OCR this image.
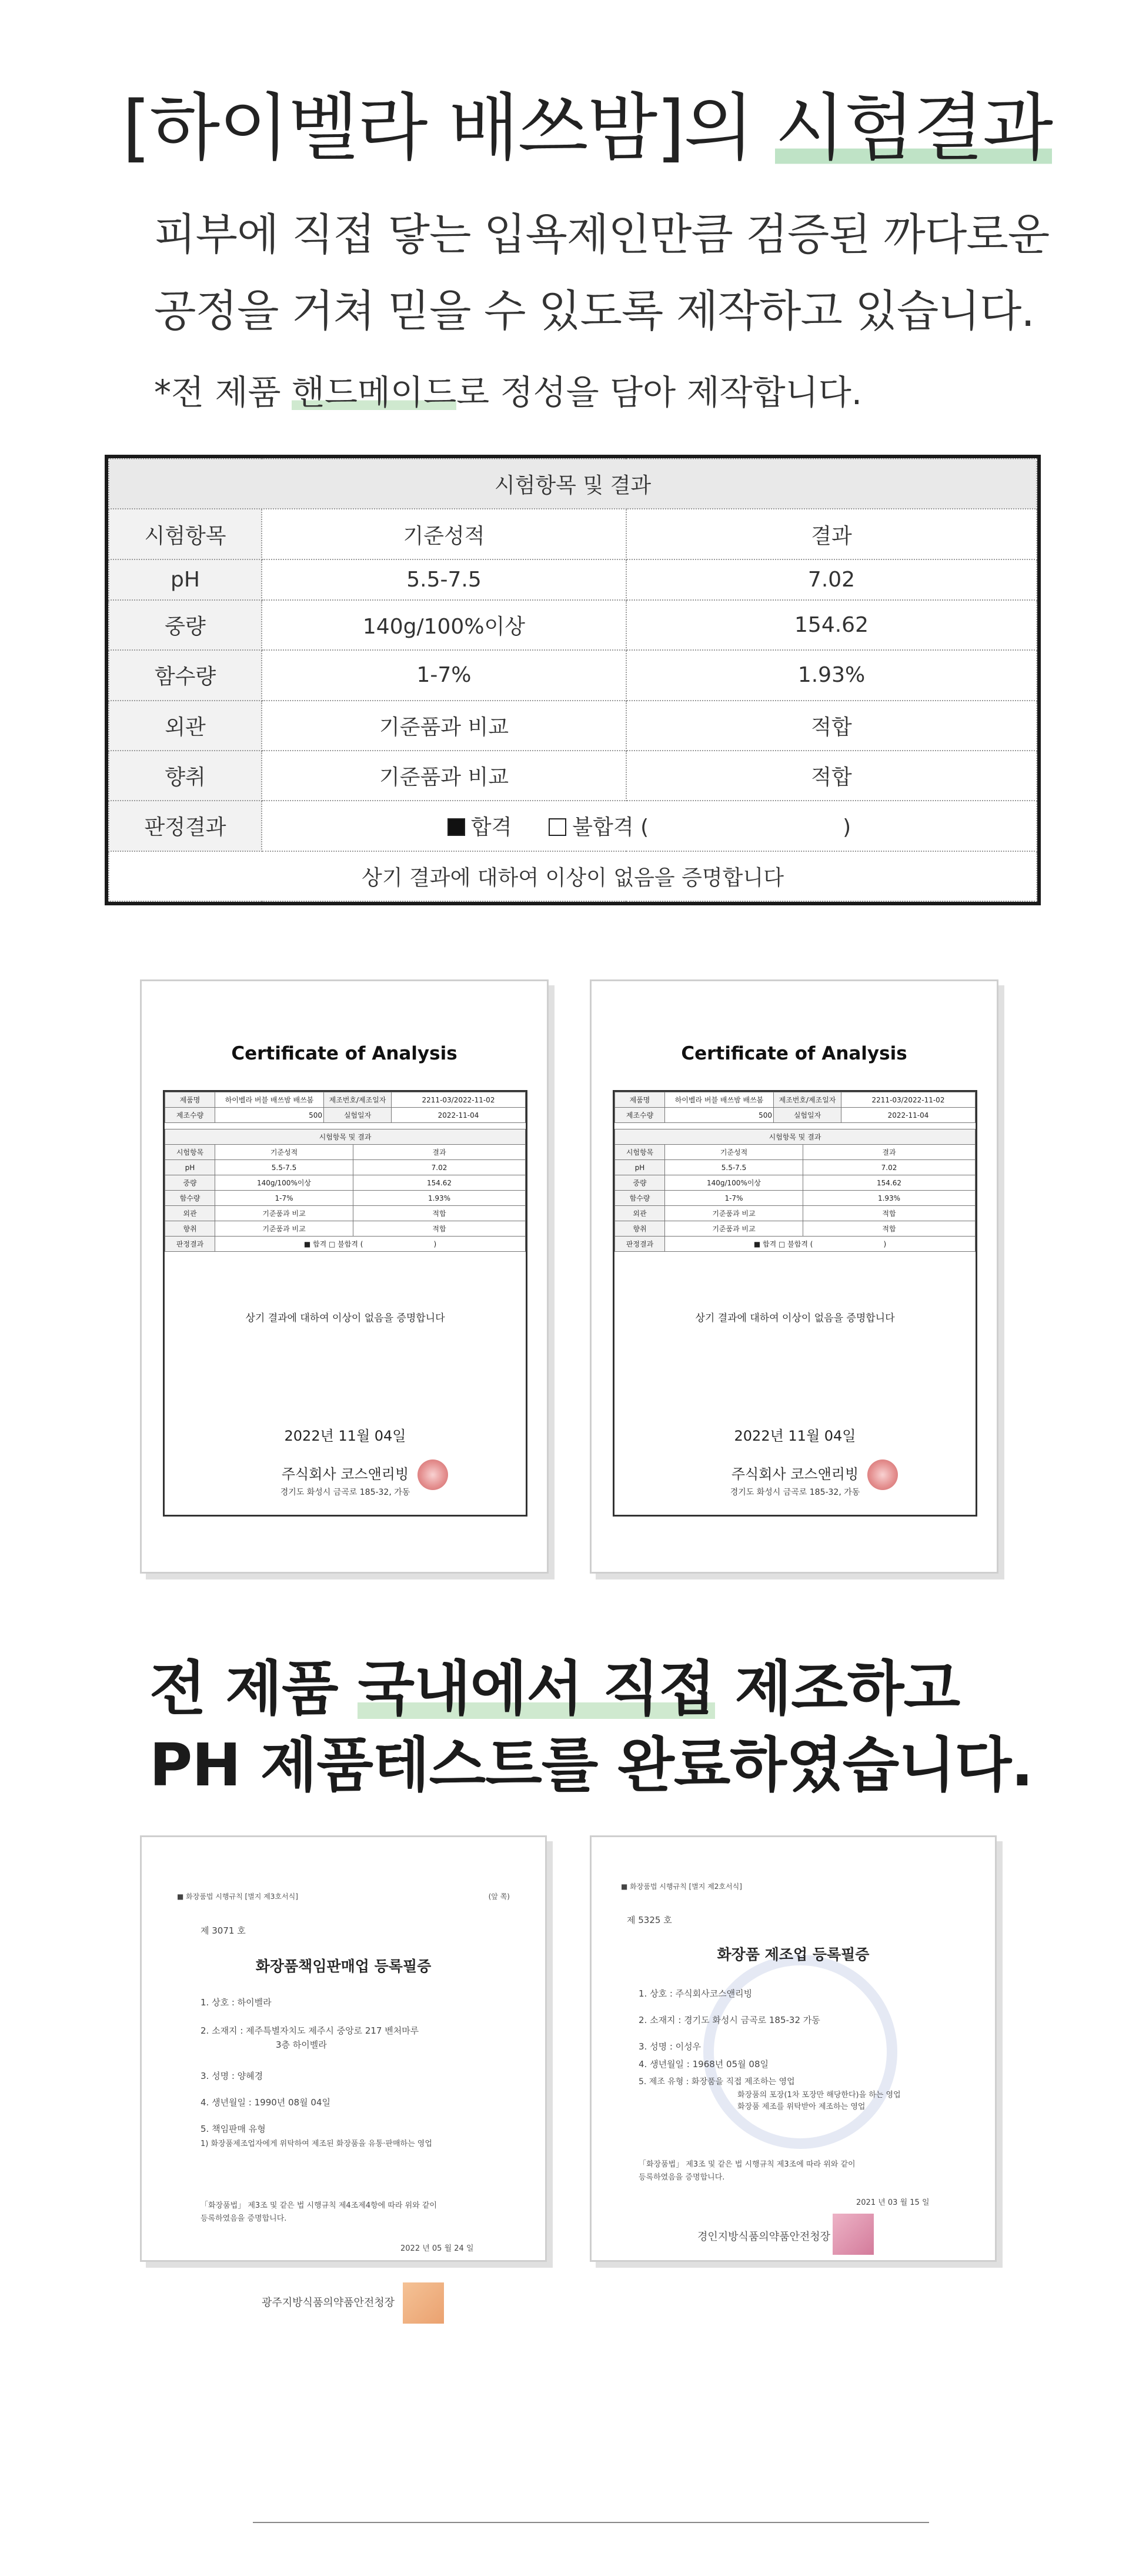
[하이벨라 배쓰밤]의 시험결과
피부에 직접 닿는 입욕제인만큼 검증된 까다로운
공정을 거쳐 믿을 수 있도록 제작하고 있습니다.
*전 제품 핸드메이드로 정성을 담아 제작합니다.
시험항목 및 결과		
시험항목	기준성적	결과
pH	5.5-7.5	7.02
중량	140g/100%이상	154.62
함수량	1-7%	1.93%
외관	기준품과 비교	적합
향취	기준품과 비교	적합
판정결과	합격 불합격 ( )	
상기 결과에 대하여 이상이 없음을 증명합니다		
Certificate of Analysis
제품명	하이벨라 버블 배쓰밤 배쓰봄	제조번호/제조일자	2211-03/2022-11-02
제조수량	500	실험일자	2022-11-04
시험항목 및 결과		
시험항목	기준성적	결과
pH	5.5-7.5	7.02
중량	140g/100%이상	154.62
함수량	1-7%	1.93%
외관	기준품과 비교	적합
향취	기준품과 비교	적합
판정결과	■ 합격 □ 불합격 ( )	
상기 결과에 대하여 이상이 없음을 증명합니다
2022년 11월 04일
주식회사 코스앤리빙
경기도 화성시 금곡로 185-32, 가동
Certificate of Analysis
제품명	하이벨라 버블 배쓰밤 배쓰봄	제조번호/제조일자	2211-03/2022-11-02
제조수량	500	실험일자	2022-11-04
시험항목 및 결과		
시험항목	기준성적	결과
pH	5.5-7.5	7.02
중량	140g/100%이상	154.62
함수량	1-7%	1.93%
외관	기준품과 비교	적합
향취	기준품과 비교	적합
판정결과	■ 합격 □ 불합격 ( )	
상기 결과에 대하여 이상이 없음을 증명합니다
2022년 11월 04일
주식회사 코스앤리빙
경기도 화성시 금곡로 185-32, 가동
전 제품 국내에서 직접 제조하고
PH 제품테스트를 완료하였습니다.
■ 화장품법 시행규칙 [별지 제3호서식]	(앞 쪽)
제 3071 호
화장품책임판매업 등록필증
1. 상호 : 하이벨라
2. 소재지 : 제주특별자치도 제주시 중앙로 217 벤처마루
3층 하이벨라
3. 성명 : 양혜경
4. 생년월일 : 1990년 08월 04일
5. 책임판매 유형
1) 화장품제조업자에게 위탁하여 제조된 화장품을 유통·판매하는 영업
「화장품법」 제3조 및 같은 법 시행규칙 제4조제4항에 따라 위와 같이
등록하였음을 증명합니다.
2022 년 05 월 24 일
광주지방식품의약품안전청장
■ 화장품법 시행규칙 [별지 제2호서식]
제 5325 호
화장품 제조업 등록필증
1. 상호 : 주식회사코스앤리빙
2. 소재지 : 경기도 화성시 금곡로 185-32 가동
3. 성명 : 이성우
4. 생년월일 : 1968년 05월 08일
5. 제조 유형 : 화장품을 직접 제조하는 영업
화장품의 포장(1차 포장만 해당한다)을 하는 영업
화장품 제조를 위탁받아 제조하는 영업
「화장품법」 제3조 및 같은 법 시행규칙 제3조에 따라 위와 같이
등록하였음을 증명합니다.
2021 년 03 월 15 일
경인지방식품의약품안전청장
